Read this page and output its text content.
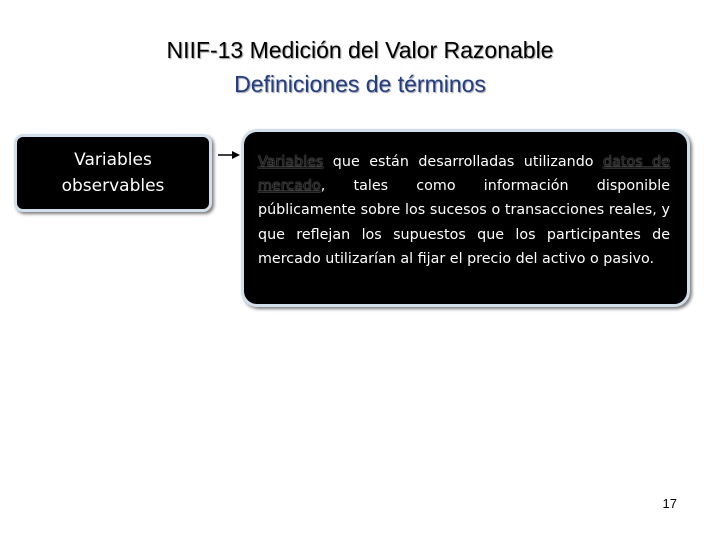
NIIF-13 Medición del Valor Razonable
Definiciones de términos
Variables
observables

Variables que están desarrolladas utilizando datos de mercado, tales como información disponible públicamente sobre los sucesos o transacciones reales, y que reflejan los supuestos que los participantes de mercado utilizarían al fijar el precio del activo o pasivo.

17
